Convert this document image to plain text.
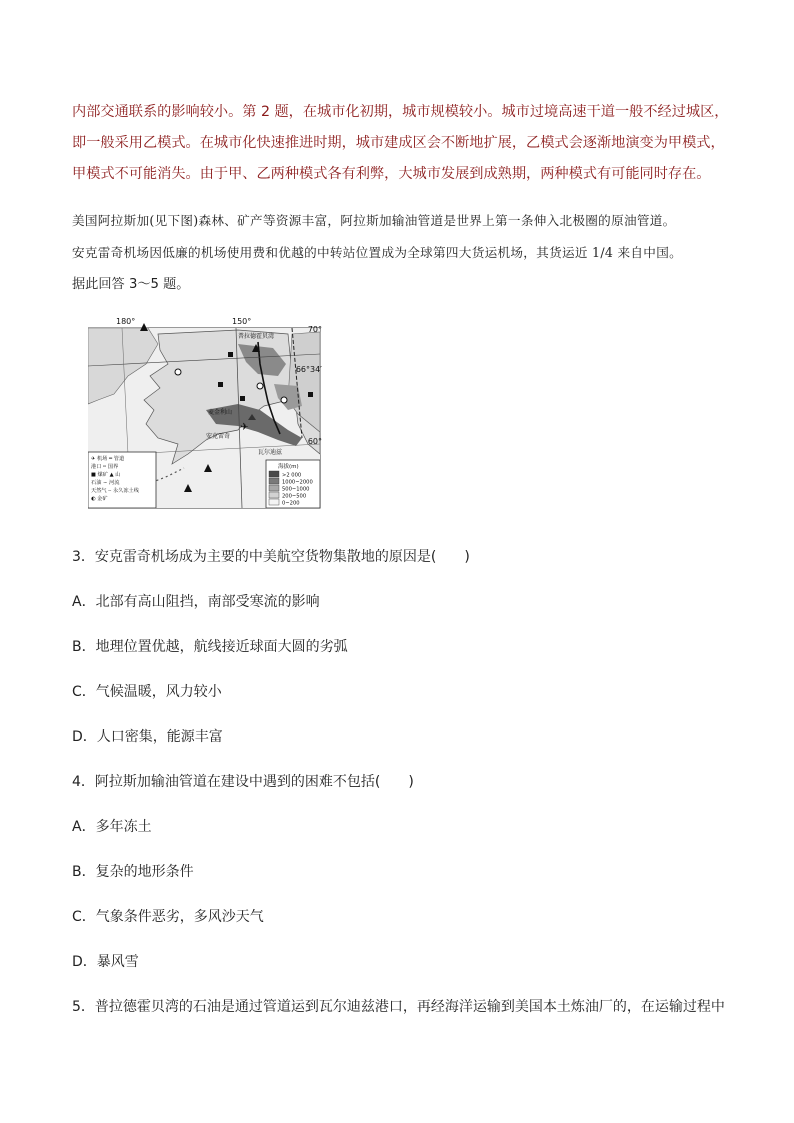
内部交通联系的影响较小。第 2 题，在城市化初期，城市规模较小。城市过境高速干道一般不经过城区，
即一般采用乙模式。在城市化快速推进时期，城市建成区会不断地扩展，乙模式会逐渐地演变为甲模式，
甲模式不可能消失。由于甲、乙两种模式各有利弊，大城市发展到成熟期，两种模式有可能同时存在。
美国阿拉斯加(见下图)森林、矿产等资源丰富，阿拉斯加输油管道是世界上第一条伸入北极圈的原油管道。
安克雷奇机场因低廉的机场使用费和优越的中转站位置成为全球第四大货运机场，其货运近 1/4 来自中国。
据此回答 3～5 题。
✈
180°	150°
70°
66°34′
60°
普拉德霍贝湾
麦金利山
安克雷奇
瓦尔迪兹
✈ 机场 ━ 管道
港口 ┅ 国界
■ 煤矿 ▲ 山
石油 ∼ 河流
天然气 ┈ 永久冻土线
◐ 金矿
海拔(m)
>2 000
1000~2000
500~1000
200~500
0~200

3．安克雷奇机场成为主要的中美航空货物集散地的原因是(　　)

A．北部有高山阻挡，南部受寒流的影响

B．地理位置优越，航线接近球面大圆的劣弧

C．气候温暖，风力较小

D．人口密集，能源丰富

4．阿拉斯加输油管道在建设中遇到的困难不包括(　　)

A．多年冻土

B．复杂的地形条件

C．气象条件恶劣，多风沙天气

D．暴风雪

5．普拉德霍贝湾的石油是通过管道运到瓦尔迪兹港口，再经海洋运输到美国本土炼油厂的，在运输过程中
